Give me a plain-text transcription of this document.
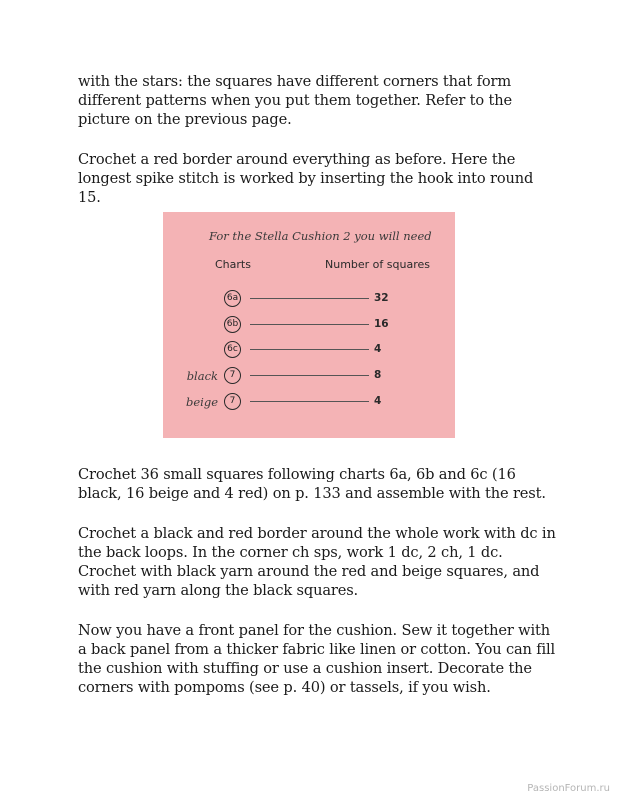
with the stars: the squares have different corners that form different patterns when you put them together. Refer to the picture on the previous page.

Crochet a red border around everything as before. Here the longest spike stitch is worked by inserting the hook into round 15.

For the Stella Cushion 2 you will need
Charts	Number of squares
6a	32
6b	16
6c	4
black	7	8
beige	7	4

Crochet 36 small squares following charts 6a, 6b and 6c (16 black, 16 beige and 4 red) on p. 133 and assemble with the rest.

Crochet a black and red border around the whole work with dc in the back loops. In the corner ch sps, work 1 dc, 2 ch, 1 dc. Crochet with black yarn around the red and beige squares, and with red yarn along the black squares.

Now you have a front panel for the cushion. Sew it together with a back panel from a thicker fabric like linen or cotton. You can fill the cushion with stuffing or use a cushion insert. Decorate the corners with pompoms (see p. 40) or tassels, if you wish.

PassionForum.ru
